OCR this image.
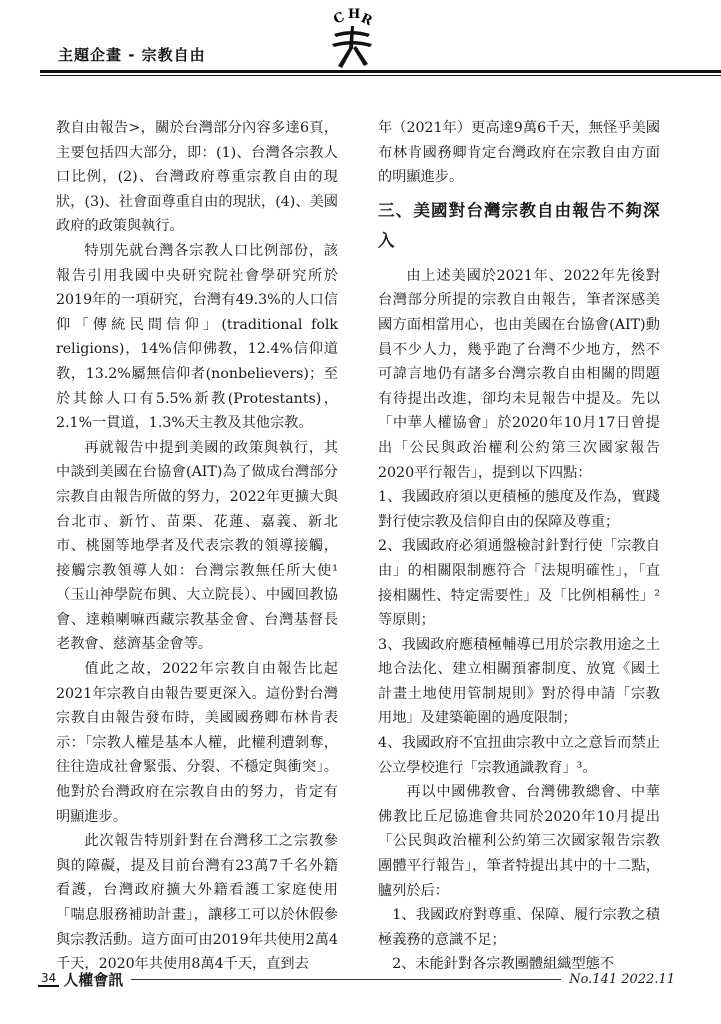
主題企畫 - 宗教自由
C H
R

教自由報告>，關於台灣部分內容多達6頁，主要包括四大部分，即：(1)、台灣各宗教人口比例，(2)、台灣政府尊重宗教自由的現狀，(3)、社會面尊重自由的現狀，(4)、美國政府的政策與執行。

特別先就台灣各宗教人口比例部份，該報告引用我國中央研究院社會學研究所於2019年的一項研究，台灣有49.3%的人口信仰「傳統民間信仰」(traditional folk religions)，14%信仰佛教，12.4%信仰道教，13.2%屬無信仰者(nonbelievers)；至於其餘人口有5.5%新教(Protestants)，2.1%一貫道，1.3%天主教及其他宗教。

再就報告中提到美國的政策與執行，其中談到美國在台協會(AIT)為了做成台灣部分宗教自由報告所做的努力，2022年更擴大與台北市、新竹、苗栗、花蓮、嘉義、新北市、桃園等地學者及代表宗教的領導接觸，接觸宗教領導人如：台灣宗教無任所大使¹（玉山神學院布興、大立院長）、中國回教協會、達賴喇嘛西藏宗教基金會、台灣基督長老教會、慈濟基金會等。

值此之故，2022年宗教自由報告比起2021年宗教自由報告要更深入。這份對台灣宗教自由報告發布時，美國國務卿布林肯表示：「宗教人權是基本人權，此權利遭剝奪，往往造成社會緊張、分裂、不穩定與衝突」。他對於台灣政府在宗教自由的努力，肯定有明顯進步。

此次報告特別針對在台灣移工之宗教參與的障礙，提及目前台灣有23萬7千名外籍看護，台灣政府擴大外籍看護工家庭使用「喘息服務補助計畫」，讓移工可以於休假參與宗教活動。這方面可由2019年共使用2萬4千天，2020年共使用8萬4千天，直到去

年（2021年）更高達9萬6千天，無怪乎美國布林肯國務卿肯定台灣政府在宗教自由方面的明顯進步。

三、美國對台灣宗教自由報告不夠深入

由上述美國於2021年、2022年先後對台灣部分所提的宗教自由報告，筆者深感美國方面相當用心，也由美國在台協會(AIT)動員不少人力，幾乎跑了台灣不少地方，然不可諱言地仍有諸多台灣宗教自由相關的問題有待提出改進，卻均未見報告中提及。先以「中華人權協會」於2020年10月17日曾提出「公民與政治權利公約第三次國家報告2020平行報告」，提到以下四點：

1、我國政府須以更積極的態度及作為，實踐對行使宗教及信仰自由的保障及尊重；

2、我國政府必須通盤檢討針對行使「宗教自由」的相關限制應符合「法規明確性」，「直接相關性、特定需要性」及「比例相稱性」²等原則；

3、我國政府應積極輔導已用於宗教用途之土地合法化、建立相關預審制度、放寬《國土計畫土地使用管制規則》對於得申請「宗教用地」及建築範圍的過度限制；

4、我國政府不宜扭曲宗教中立之意旨而禁止公立學校進行「宗教通識教育」³。

再以中國佛教會、台灣佛教總會、中華佛教比丘尼協進會共同於2020年10月提出「公民與政治權利公約第三次國家報告宗教團體平行報告」，筆者特提出其中的十二點，臚列於后：

1、我國政府對尊重、保障、履行宗教之積極義務的意識不足；

2、未能針對各宗教團體組織型態不

34 人權會訊	No.141 2022.11
